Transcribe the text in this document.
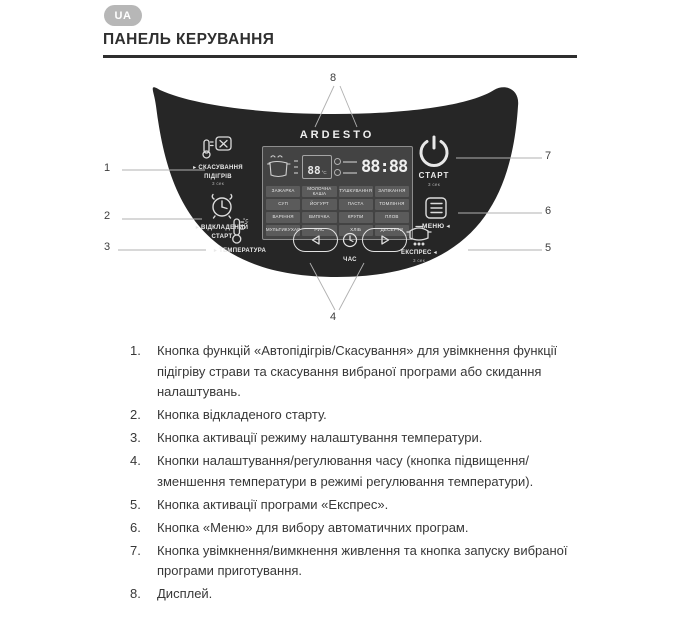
UA
ПАНЕЛЬ КЕРУВАННЯ
1
2
3
4
5
6
7
8
ARDESTO
▸ СКАСУВАННЯ
ПІДІГРІВ
3 сек
▸ ВІДКЛАДЕНИЙ
СТАРТ
°c
▸ ТЕМПЕРАТУРА
88 °C 88:88
ЗАЖАРКА	МОЛОЧНА КАША	ТУШКУВАННЯ	ЗАПІКАННЯ
СУП	ЙОГУРТ	ПАСТА	ТОМЛІННЯ
ВАРІННЯ	ВИПІЧКА	КРУПИ	ПЛОВ
МУЛЬТИКУХАР	РИС	ХЛІБ	ДЕСЕРТИ
ЧАС
СТАРТ
3 сек
МЕНЮ ◂
ЕКСПРЕС ◂
3 сек
1.	Кнопка функцій «Автопідігрів/Скасування» для увімкнення функції підігріву страви та скасування вибраної програми або скидання налаштувань.
2.	Кнопка відкладеного старту.
3.	Кнопка активації режиму налаштування температури.
4.	Кнопки налаштування/регулювання часу (кнопка підвищення/зменшення температури в режимі регулювання температури).
5.	Кнопка активації програми «Експрес».
6.	Кнопка «Меню» для вибору автоматичних програм.
7.	Кнопка увімкнення/вимкнення живлення та кнопка запуску вибраної програми приготування.
8.	Дисплей.
